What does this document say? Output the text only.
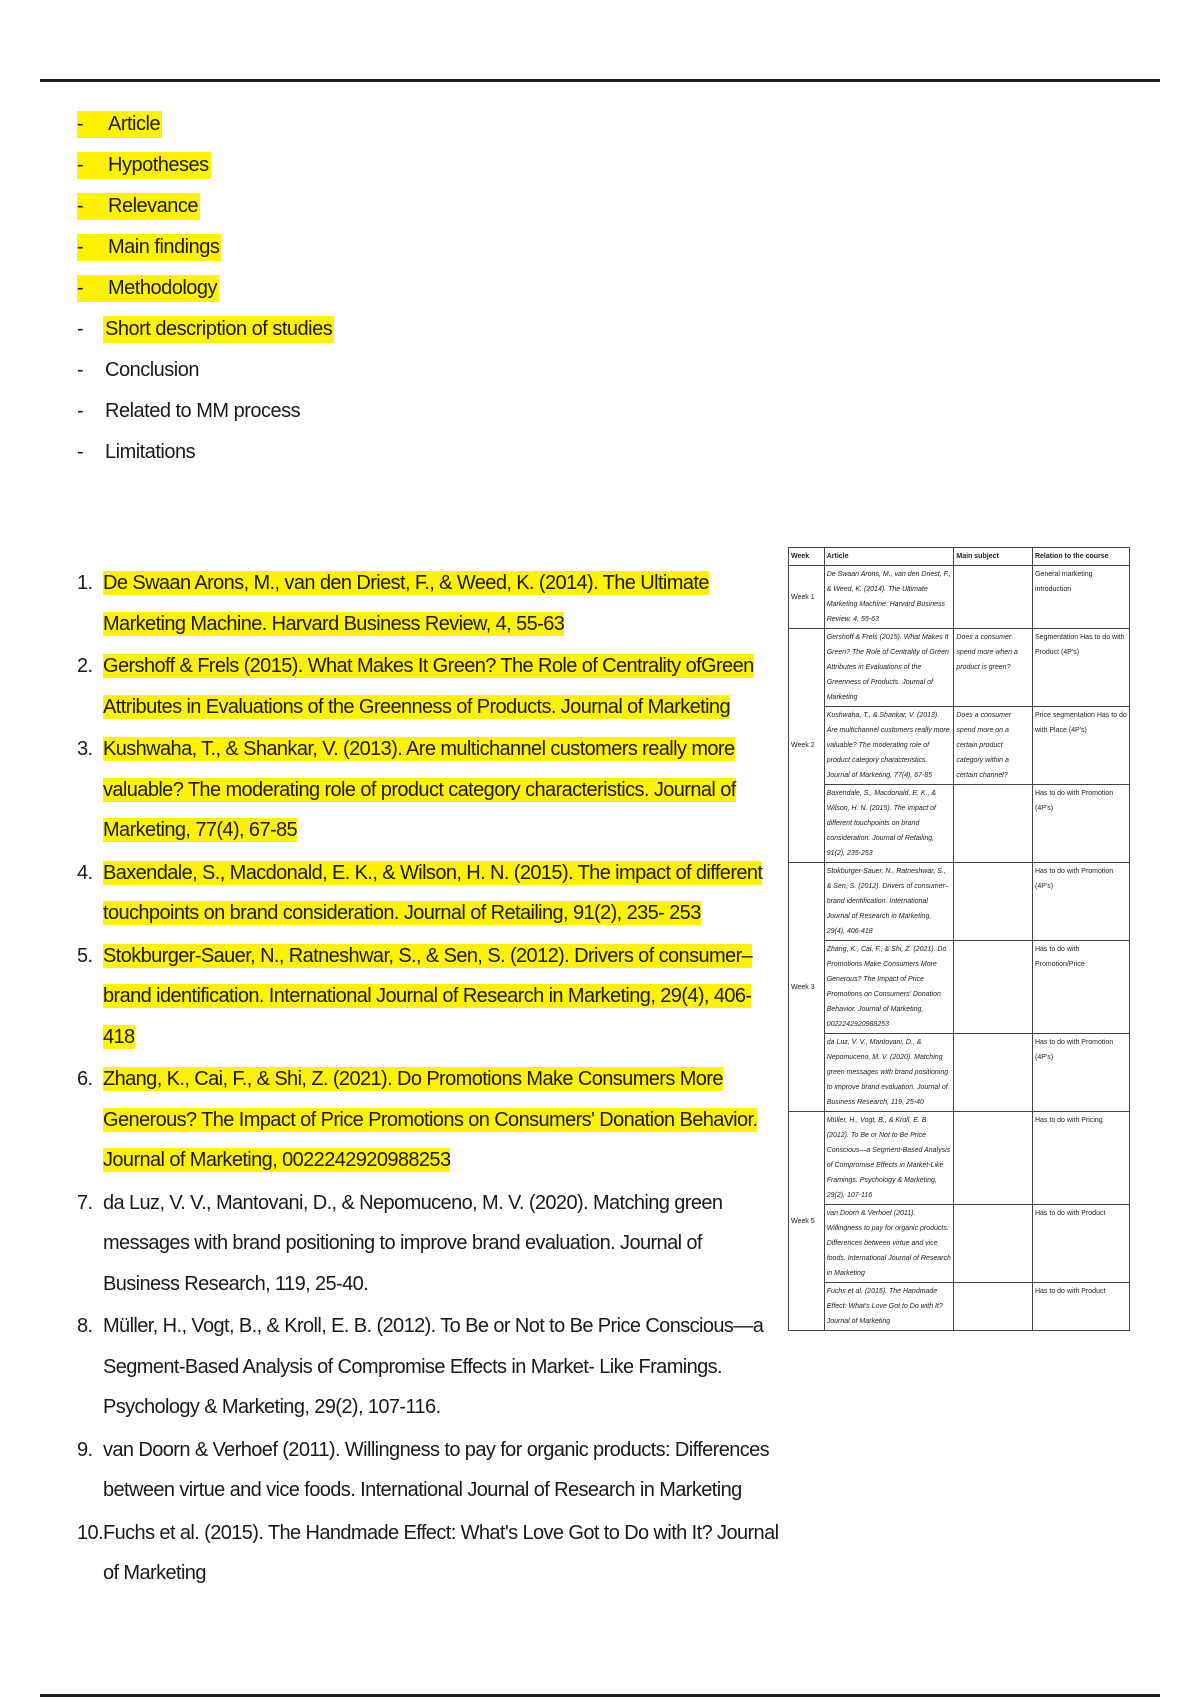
-	Article
-	Hypotheses
-	Relevance
-	Main findings
-	Methodology
-	Short description of studies
-	Conclusion
-	Related to MM process
-	Limitations
1. De Swaan Arons, M., van den Driest, F., & Weed, K. (2014). The Ultimate Marketing Machine. Harvard Business Review, 4, 55-63
2. Gershoff & Frels (2015). What Makes It Green? The Role of Centrality ofGreen Attributes in Evaluations of the Greenness of Products. Journal of Marketing
3. Kushwaha, T., & Shankar, V. (2013). Are multichannel customers really more valuable? The moderating role of product category characteristics. Journal of Marketing, 77(4), 67-85
4. Baxendale, S., Macdonald, E. K., & Wilson, H. N. (2015). The impact of different touchpoints on brand consideration. Journal of Retailing, 91(2), 235- 253
5. Stokburger-Sauer, N., Ratneshwar, S., & Sen, S. (2012). Drivers of consumer–brand identification. International Journal of Research in Marketing, 29(4), 406-418
6. Zhang, K., Cai, F., & Shi, Z. (2021). Do Promotions Make Consumers More Generous? The Impact of Price Promotions on Consumers' Donation Behavior. Journal of Marketing, 0022242920988253
7. da Luz, V. V., Mantovani, D., & Nepomuceno, M. V. (2020). Matching green messages with brand positioning to improve brand evaluation. Journal of Business Research, 119, 25-40.
8. Müller, H., Vogt, B., & Kroll, E. B. (2012). To Be or Not to Be Price Conscious—a Segment-Based Analysis of Compromise Effects in Market- Like Framings. Psychology & Marketing, 29(2), 107-116.
9. van Doorn & Verhoef (2011). Willingness to pay for organic products: Differences between virtue and vice foods. International Journal of Research in Marketing
10. Fuchs et al. (2015). The Handmade Effect: What's Love Got to Do with It? Journal of Marketing
Week	Article	Main subject	Relation to the course
Week 1	De Swaan Arons, M., van den Driest, F., & Weed, K. (2014). The Ultimate Marketing Machine. Harvard Business Review, 4, 55-63		General marketing introduction
Week 2	Gershoff & Frels (2015). What Makes It Green? The Role of Centrality of Green Attributes in Evaluations of the Greenness of Products. Journal of Marketing	Does a consumer spend more when a product is green?	Segmentation Has to do with Product (4P's)
	Kushwaha, T., & Shankar, V. (2013). Are multichannel customers really more valuable? The moderating role of product category characteristics. Journal of Marketing, 77(4), 67-85	Does a consumer spend more on a certain product category within a certain channel?	Price segmentation Has to do with Place (4P's)
	Baxendale, S., Macdonald, E. K., & Wilson, H. N. (2015). The impact of different touchpoints on brand consideration. Journal of Retailing, 91(2), 235-253		Has to do with Promotion (4P's)
Week 3	Stokburger-Sauer, N., Ratneshwar, S., & Sen, S. (2012). Drivers of consumer–brand identification. International Journal of Research in Marketing, 29(4), 406-418		Has to do with Promotion (4P's)
	Zhang, K., Cai, F., & Shi, Z. (2021). Do Promotions Make Consumers More Generous? The Impact of Price Promotions on Consumers' Donation Behavior. Journal of Marketing, 0022242920988253		Has to do with Promotion/Price
	da Luz, V. V., Mantovani, D., & Nepomuceno, M. V. (2020). Matching green messages with brand positioning to improve brand evaluation. Journal of Business Research, 119, 25-40		Has to do with Promotion (4P's)
Week 5	Müller, H., Vogt, B., & Kroll, E. B. (2012). To Be or Not to Be Price Conscious—a Segment-Based Analysis of Compromise Effects in Market-Like Framings. Psychology & Marketing, 29(2), 107-116		Has to do with Pricing
	van Doorn & Verhoef (2011). Willingness to pay for organic products: Differences between virtue and vice foods. International Journal of Research in Marketing		Has to do with Product
	Fuchs et al. (2015). The Handmade Effect: What's Love Got to Do with It? Journal of Marketing		Has to do with Product
